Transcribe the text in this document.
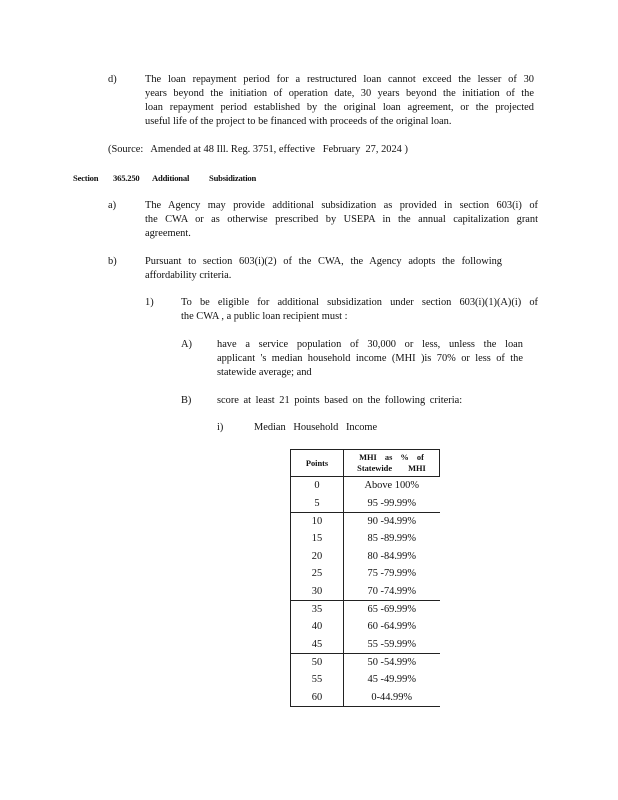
d)	The loan repayment period for a restructured loan cannot exceed the lesser of 30
years beyond the initiation of operation date, 30 years beyond the initiation of the
loan repayment period established by the original loan agreement, or the projected
useful life of the project to be financed with proceeds of the original loan.
(Source:   Amended at 48 Ill. Reg. 3751, effective   February  27, 2024 )
Section 365.250 Additional Subsidization
a)	The Agency may provide additional subsidization as provided in section 603(i) of
the CWA or as otherwise prescribed by USEPA in the annual capitalization grant
agreement.
b)	Pursuant to section 603(i)(2) of the CWA, the Agency adopts the following
affordability criteria.
1)	To be eligible for additional subsidization under section 603(i)(1)(A)(i) of
the CWA , a public loan recipient must :
A) have a service population of 30,000 or less, unless the loan
applicant 's median household income (MHI )is 70% or less of the
statewide average; and
B) score at least 21 points based on the following criteria:
i)	Median Household Income
Points	MHI as % of
Statewide MHI

0	Above 100%
5	95 -99.99%
10	90 -94.99%
15	85 -89.99%
20	80 -84.99%
25	75 -79.99%
30	70 -74.99%
35	65 -69.99%
40	60 -64.99%
45	55 -59.99%
50	50 -54.99%
55	45 -49.99%
60	0-44.99%
